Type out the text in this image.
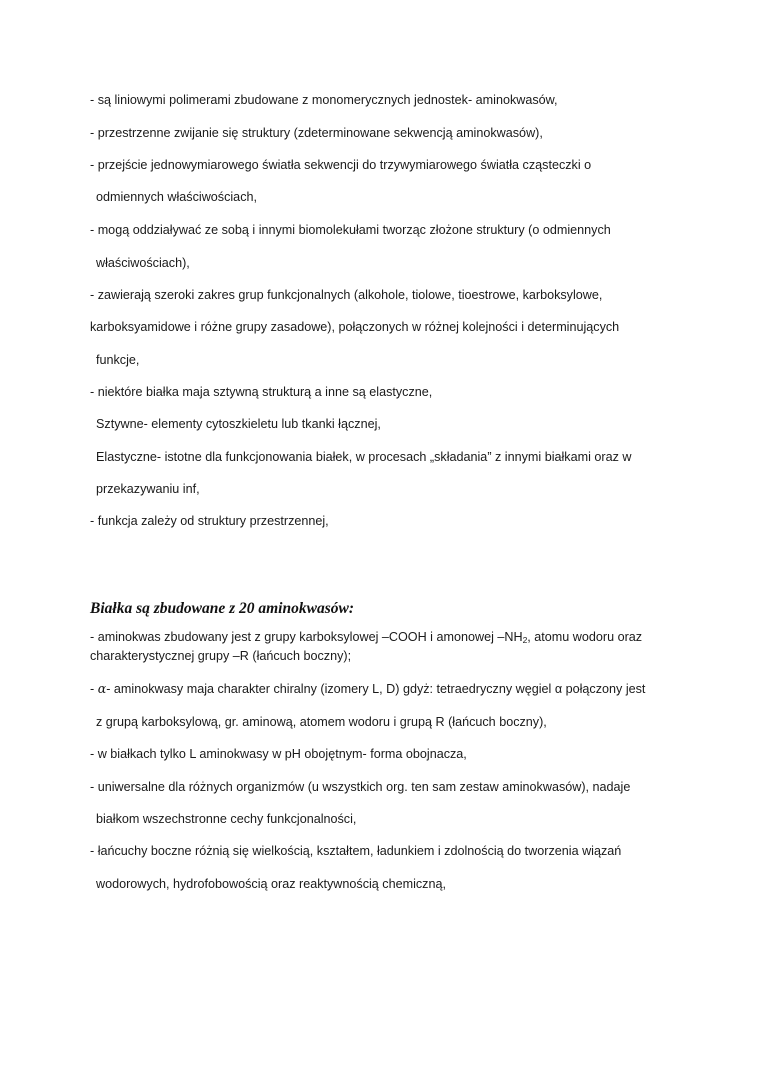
- są liniowymi polimerami zbudowane z monomerycznych jednostek- aminokwasów,
- przestrzenne zwijanie się struktury (zdeterminowane sekwencją aminokwasów),
- przejście jednowymiarowego światła sekwencji do trzywymiarowego światła cząsteczki o
odmiennych właściwościach,
- mogą oddziaływać ze sobą i innymi biomolekułami tworząc złożone struktury (o odmiennych
właściwościach),
- zawierają szeroki zakres grup funkcjonalnych (alkohole, tiolowe, tioestrowe, karboksylowe,
karboksyamidowe i różne grupy zasadowe), połączonych w różnej kolejności i determinujących
funkcje,
- niektóre białka maja sztywną strukturą a inne są elastyczne,
Sztywne- elementy cytoszkieletu lub tkanki łącznej,
Elastyczne- istotne dla funkcjonowania białek, w procesach „składania” z innymi białkami oraz w
przekazywaniu inf,
- funkcja zależy od struktury przestrzennej,
Białka są zbudowane z 20 aminokwasów:
- aminokwas zbudowany jest z grupy karboksylowej –COOH i amonowej $-NH_2$, atomu wodoru oraz
charakterystycznej grupy –R (łańcuch boczny);
- α- aminokwasy maja charakter chiralny (izomery L, D) gdyż: tetraedryczny węgiel α połączony jest
z grupą karboksylową, gr. aminową, atomem wodoru i grupą R (łańcuch boczny),
- w białkach tylko L aminokwasy w pH obojętnym- forma obojnacza,
- uniwersalne dla różnych organizmów (u wszystkich org. ten sam zestaw aminokwasów), nadaje
białkom wszechstronne cechy funkcjonalności,
- łańcuchy boczne różnią się wielkością, kształtem, ładunkiem i zdolnością do tworzenia wiązań
wodorowych, hydrofobowością oraz reaktywnością chemiczną,
